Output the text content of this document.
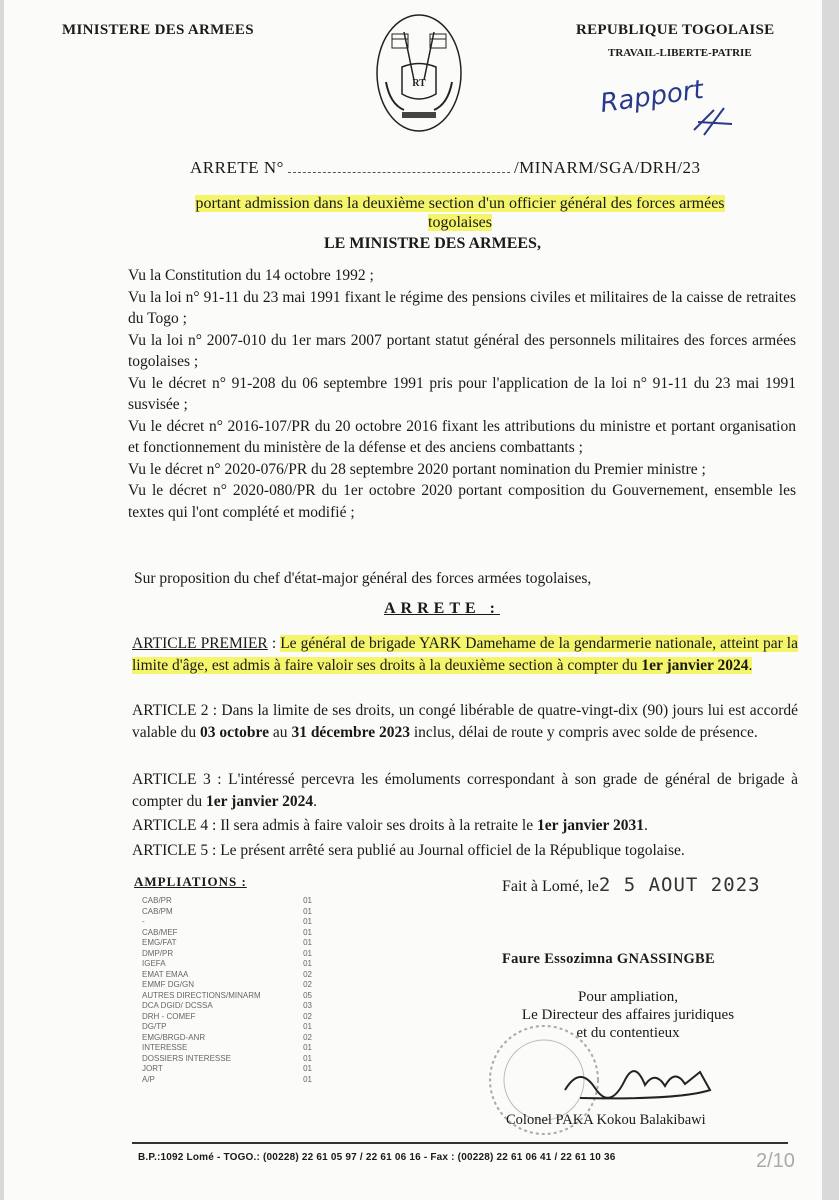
MINISTERE DES ARMEES	REPUBLIQUE TOGOLAISE
TRAVAIL-LIBERTE-PATRIE
RT	Rapport
ARRETE N°	/MINARM/SGA/DRH/23
portant admission dans la deuxième section d'un officier général des forces armées togolaises
LE MINISTRE DES ARMEES,

Vu la Constitution du 14 octobre 1992 ;

Vu la loi n° 91-11 du 23 mai 1991 fixant le régime des pensions civiles et militaires de la caisse de retraites du Togo ;

Vu la loi n° 2007-010 du 1er mars 2007 portant statut général des personnels militaires des forces armées togolaises ;

Vu le décret n° 91-208 du 06 septembre 1991 pris pour l'application de la loi n° 91-11 du 23 mai 1991 susvisée ;

Vu le décret n° 2016-107/PR du 20 octobre 2016 fixant les attributions du ministre et portant organisation et fonctionnement du ministère de la défense et des anciens combattants ;

Vu le décret n° 2020-076/PR du 28 septembre 2020 portant nomination du Premier ministre ;

Vu le décret n° 2020-080/PR du 1er octobre 2020 portant composition du Gouvernement, ensemble les textes qui l'ont complété et modifié ;

Sur proposition du chef d'état-major général des forces armées togolaises,
ARRETE :
ARTICLE PREMIER : Le général de brigade YARK Damehame de la gendarmerie nationale, atteint par la limite d'âge, est admis à faire valoir ses droits à la deuxième section à compter du 1er janvier 2024.
ARTICLE 2 : Dans la limite de ses droits, un congé libérable de quatre-vingt-dix (90) jours lui est accordé valable du 03 octobre au 31 décembre 2023 inclus, délai de route y compris avec solde de présence.
ARTICLE 3 : L'intéressé percevra les émoluments correspondant à son grade de général de brigade à compter du 1er janvier 2024.
ARTICLE 4 : Il sera admis à faire valoir ses droits à la retraite le 1er janvier 2031.
ARTICLE 5 : Le présent arrêté sera publié au Journal officiel de la République togolaise.
AMPLIATIONS :
CAB/PR	01
CAB/PM	01
-	01
CAB/MEF	01
EMG/FAT	01
DMP/PR	01
IGEFA	01
EMAT EMAA	02
EMMF DG/GN	02
AUTRES DIRECTIONS/MINARM	05
DCA DGID/ DCSSA	03
DRH - COMEF	02
DG/TP	01
EMG/BRGD-ANR	02
INTERESSE	01
DOSSIERS INTERESSE	01
JORT	01
A/P	01
Fait à Lomé, le2 5 AOUT 2023
Faure Essozimna GNASSINGBE
Pour ampliation,
Le Directeur des affaires juridiques
et du contentieux
Colonel PAKA Kokou Balakibawi
B.P.:1092 Lomé - TOGO.: (00228) 22 61 05 97 / 22 61 06 16 - Fax : (00228) 22 61 06 41 / 22 61 10 36	2/10
